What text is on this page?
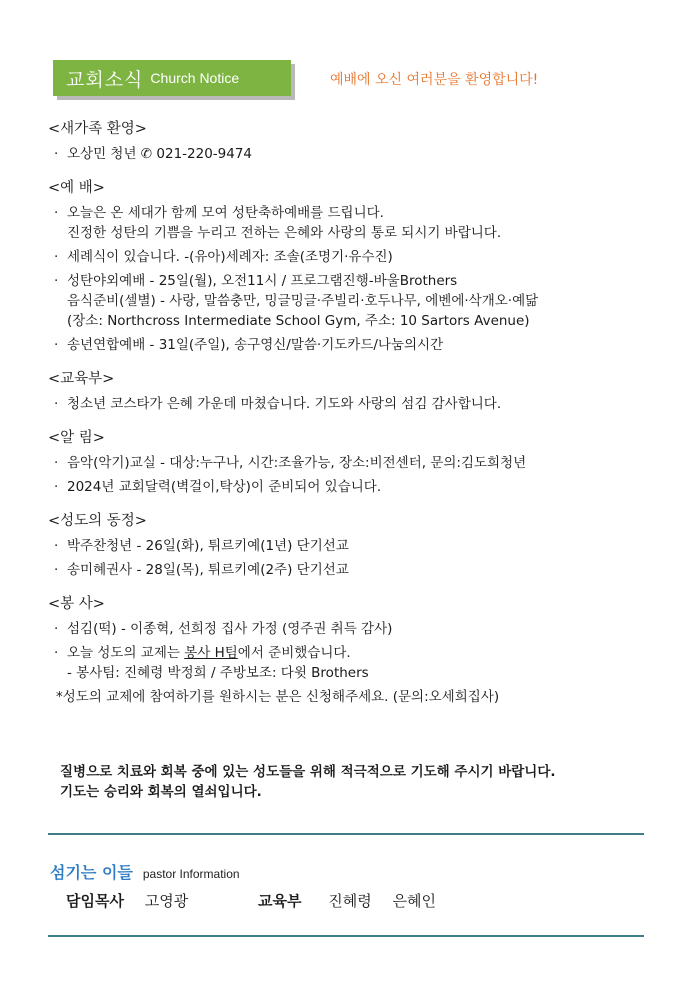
교회소식 Church Notice	예배에 오신 여러분을 환영합니다!
<새가족 환영>
· 오상민 청년 ✆ 021-220-9474
<예 배>
· 오늘은 온 세대가 함께 모여 성탄축하예배를 드립니다.
진정한 성탄의 기쁨을 누리고 전하는 은혜와 사랑의 통로 되시기 바랍니다.
· 세례식이 있습니다. -(유아)세례자: 조솔(조명기·유수진)
· 성탄야외예배 - 25일(월), 오전11시 / 프로그램진행-바울Brothers
음식준비(셀별) - 사랑, 말씀충만, 밍글밍글·주빌리·호두나무, 에벤에·삭개오·예닮
(장소: Northcross Intermediate School Gym, 주소: 10 Sartors Avenue)
· 송년연합예배 - 31일(주일), 송구영신/말씀·기도카드/나눔의시간
<교육부>
· 청소년 코스타가 은혜 가운데 마쳤습니다. 기도와 사랑의 섬김 감사합니다.
<알 림>
· 음악(악기)교실 - 대상:누구나, 시간:조율가능, 장소:비전센터, 문의:김도희청년
· 2024년 교회달력(벽걸이,탁상)이 준비되어 있습니다.
<성도의 동정>
· 박주찬청년 - 26일(화), 튀르키예(1년) 단기선교
· 송미혜권사 - 28일(목), 튀르키예(2주) 단기선교
<봉 사>
· 섬김(떡) - 이종혁, 선희정 집사 가정 (영주권 취득 감사)
· 오늘 성도의 교제는 봉사 H팀에서 준비했습니다.
- 봉사팀: 진혜령 박정희 / 주방보조: 다윗 Brothers
*성도의 교제에 참여하기를 원하시는 분은 신청해주세요. (문의:오세희집사)
질병으로 치료와 회복 중에 있는 성도들을 위해 적극적으로 기도해 주시기 바랍니다.
기도는 승리와 회복의 열쇠입니다.
섬기는 이들 pastor Information
담임목사 고영광	교육부 진혜령 은혜인
